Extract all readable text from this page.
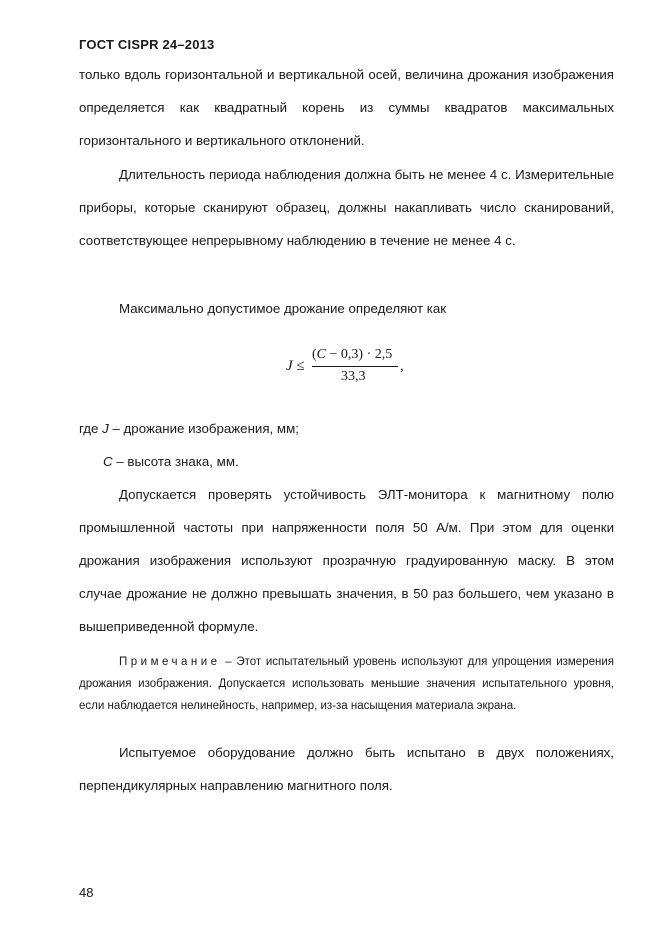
ГОСТ CISPR 24–2013

только вдоль горизонтальной и вертикальной осей, величина дрожания изображения определяется как квадратный корень из суммы квадратов максимальных горизонтального и вертикального отклонений.

Длительность периода наблюдения должна быть не менее 4 с. Измерительные приборы, которые сканируют образец, должны накапливать число сканирований, соответствующее непрерывному наблюдению в течение не менее 4 с.

Максимально допустимое дрожание определяют как

J ≤
(C − 0,3) · 2,5
33,3
,
где J – дрожание изображения, мм;
C – высота знака, мм.

Допускается проверять устойчивость ЭЛТ-монитора к магнитному полю промышленной частоты при напряженности поля 50 А/м. При этом для оценки дрожания изображения используют прозрачную градуированную маску. В этом случае дрожание не должно превышать значения, в 50 раз большего, чем указано в вышеприведенной формуле.

Примечание – Этот испытательный уровень используют для упрощения измерения дрожания изображения. Допускается использовать меньшие значения испытательного уровня, если наблюдается нелинейность, например, из-за насыщения материала экрана.

Испытуемое оборудование должно быть испытано в двух положениях, перпендикулярных направлению магнитного поля.

48
